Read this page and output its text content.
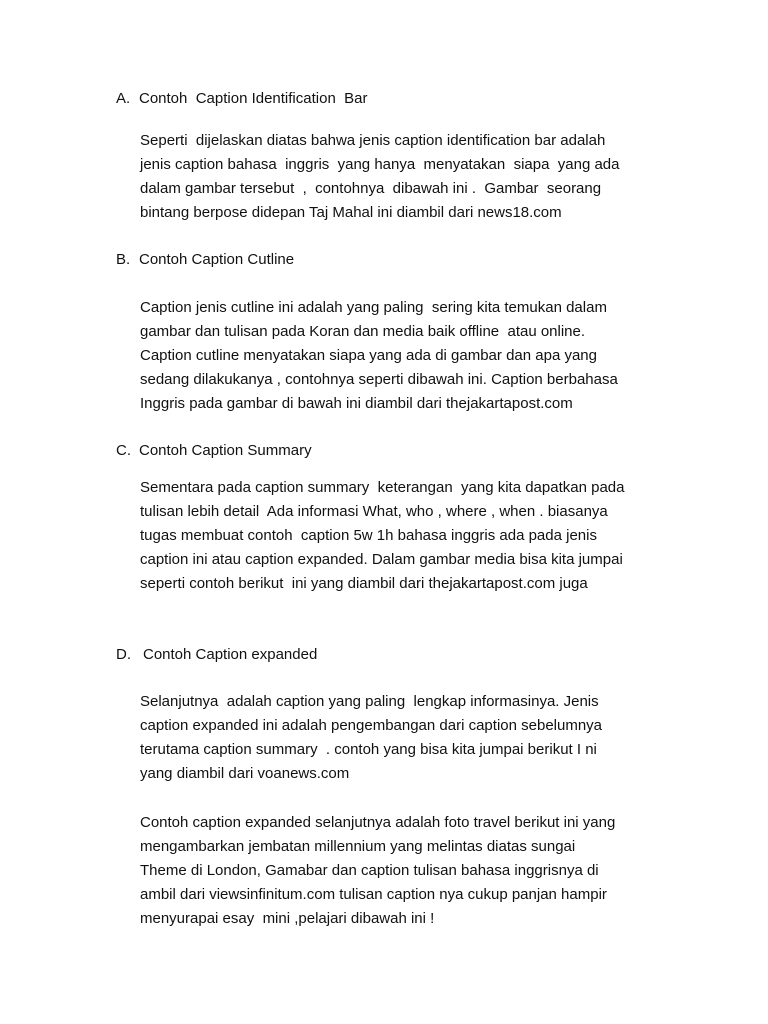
A. Contoh  Caption Identification  Bar
Seperti  dijelaskan diatas bahwa jenis caption identification bar adalah
jenis caption bahasa  inggris  yang hanya  menyatakan  siapa  yang ada
dalam gambar tersebut  ,  contohnya  dibawah ini .  Gambar  seorang
bintang berpose didepan Taj Mahal ini diambil dari news18.com
B. Contoh Caption Cutline
Caption jenis cutline ini adalah yang paling  sering kita temukan dalam
gambar dan tulisan pada Koran dan media baik offline  atau online.
Caption cutline menyatakan siapa yang ada di gambar dan apa yang
sedang dilakukanya , contohnya seperti dibawah ini. Caption berbahasa
Inggris pada gambar di bawah ini diambil dari thejakartapost.com
C. Contoh Caption Summary
Sementara pada caption summary  keterangan  yang kita dapatkan pada
tulisan lebih detail  Ada informasi What, who , where , when . biasanya
tugas membuat contoh  caption 5w 1h bahasa inggris ada pada jenis
caption ini atau caption expanded. Dalam gambar media bisa kita jumpai
seperti contoh berikut  ini yang diambil dari thejakartapost.com juga
D. Contoh Caption expanded
Selanjutnya  adalah caption yang paling  lengkap informasinya. Jenis
caption expanded ini adalah pengembangan dari caption sebelumnya
terutama caption summary  . contoh yang bisa kita jumpai berikut I ni
yang diambil dari voanews.com
Contoh caption expanded selanjutnya adalah foto travel berikut ini yang
mengambarkan jembatan millennium yang melintas diatas sungai
Theme di London, Gamabar dan caption tulisan bahasa inggrisnya di
ambil dari viewsinfinitum.com tulisan caption nya cukup panjan hampir
menyurapai esay  mini ,pelajari dibawah ini !
